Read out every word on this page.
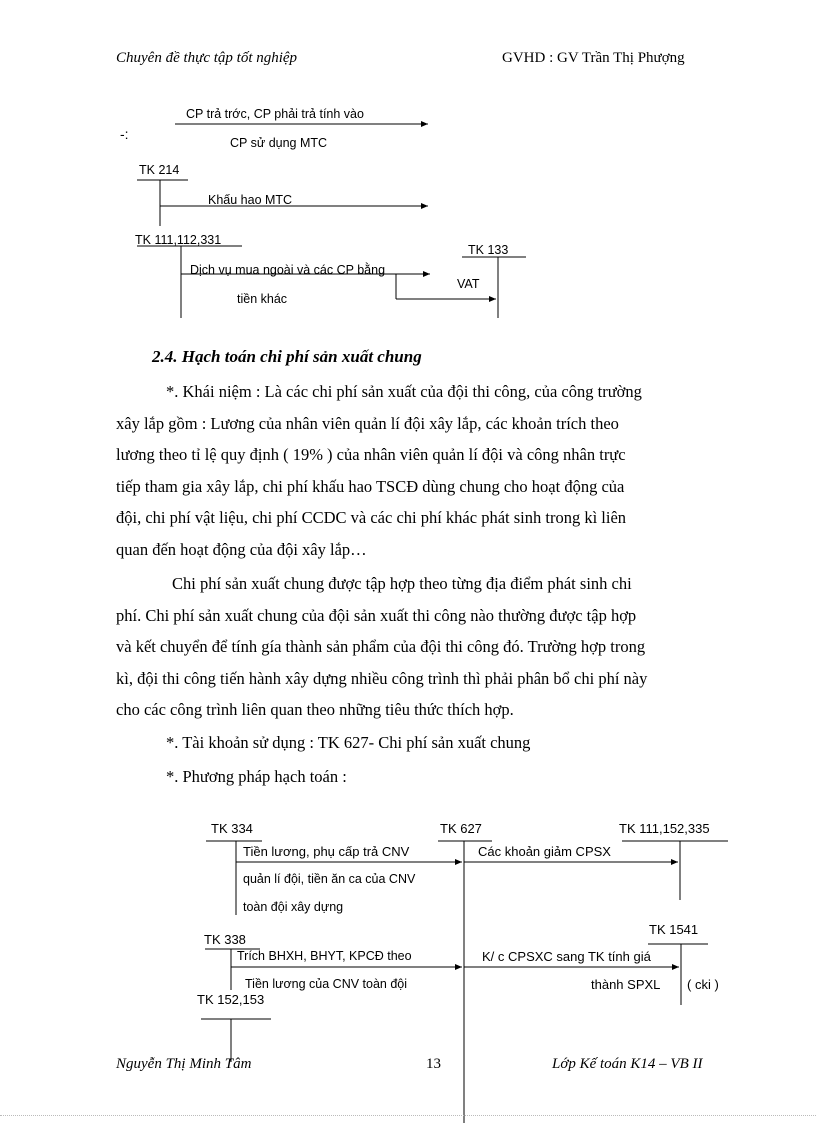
Chuyên đề thực tập tốt nghiệp	GVHD : GV Trần Thị Phượng
-:
CP trả trớc, CP phải trả tính vào
CP sử dụng MTC
TK 214
Khấu hao MTC
TK 111,112,331
Dịch vụ mua ngoài và các CP bằng
tiền khác
TK 133
VAT
2.4. Hạch toán chi phí sản xuất chung
*. Khái niệm : Là các chi phí sản xuất của đội thi công, của công trường
xây lắp gồm : Lương của nhân viên quản lí đội xây lắp, các khoản trích theo
lương theo tỉ lệ quy định ( 19% ) của nhân viên quản lí đội và công nhân trực
tiếp tham gia xây lắp, chi phí khấu hao TSCĐ dùng chung cho hoạt động của
đội, chi phí vật liệu, chi phí CCDC và các chi phí khác phát sinh trong kì liên
quan đến hoạt động của đội xây lắp…
Chi phí sản xuất chung được tập hợp theo từng địa điểm phát sinh chi
phí. Chi phí sản xuất chung của đội sản xuất thi công nào thường được tập hợp
và kết chuyển để tính gía thành sản phẩm của đội thi công đó. Trường hợp trong
kì, đội thi công tiến hành xây dựng nhiều công trình thì phải phân bổ chi phí này
cho các công trình liên quan theo những tiêu thức thích hợp.
*. Tài khoản sử dụng : TK 627- Chi phí sản xuất chung
*. Phương pháp hạch toán :
TK 334	TK 627	TK 111,152,335
Tiền lương, phụ cấp trả CNV
quản lí đội, tiền ăn ca của CNV
toàn đội xây dựng
Các khoản giảm CPSX
TK 1541
TK 338
Trích BHXH, BHYT, KPCĐ theo
Tiền lương của CNV toàn đội
K/ c CPSXC sang TK tính giá
thành SPXL ( cki )
TK 152,153
Nguyễn Thị Minh Tâm	13	Lớp Kế toán K14 – VB II
